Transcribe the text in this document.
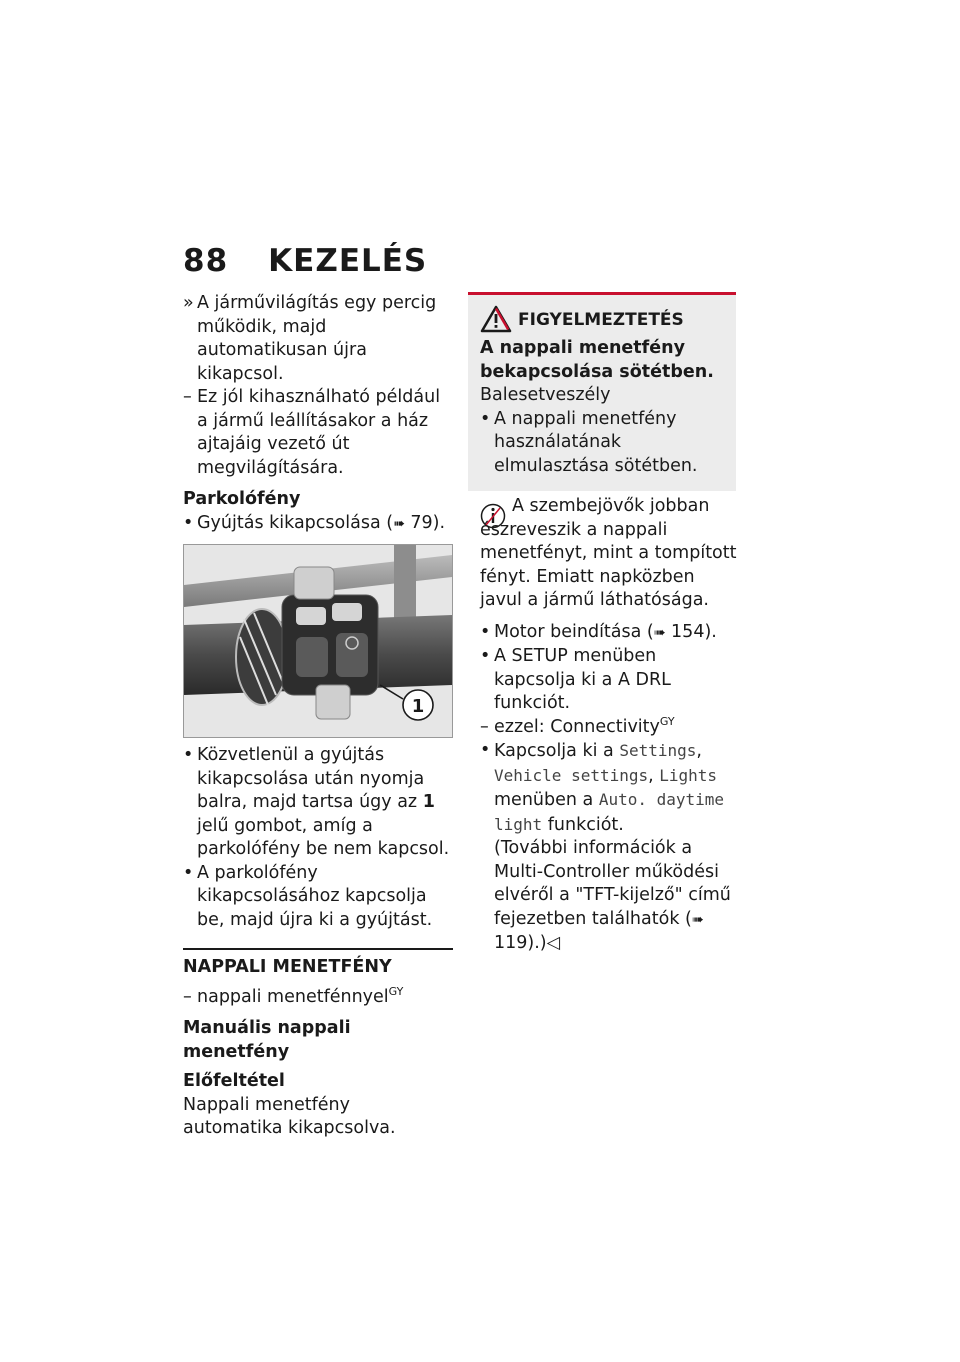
88 KEZELÉS
» A járművilágítás egy percig működik, majd automatikusan újra kikapcsol.
– Ez jól kihasználható például a jármű leállításakor a ház ajtajáig vezető út megvilágítására.
Parkolófény
• Gyújtás kikapcsolása (➠ 79).
1
• Közvetlenül a gyújtás kikapcsolása után nyomja balra, majd tartsa úgy az 1 jelű gombot, amíg a parkolófény be nem kapcsol.
• A parkolófény kikapcsolásához kapcsolja be, majd újra ki a gyújtást.
NAPPALI MENETFÉNY
– nappali menetfénnyel$^{GY}$
Manuális nappali menetfény
Előfeltétel
Nappali menetfény automatika kikapcsolva.
FIGYELMEZTETÉS
A nappali menetfény bekapcsolása sötétben.
Balesetveszély
• A nappali menetfény használatának elmulasztása sötétben.
A szembejövők jobban észreveszik a nappali menetfényt, mint a tompított fényt. Emiatt napközben javul a jármű láthatósága.
• Motor beindítása (➠ 154).
• A SETUP menüben kapcsolja ki a A DRL funkciót.
– ezzel: Connectivity$^{GY}$
• Kapcsolja ki a Settings, Vehicle settings, Lights menüben a Auto. daytime light funkciót.
(További információk a Multi-Controller működési elvéről a "TFT-kijelző" című fejezetben találhatók (➠ 119).)◁
